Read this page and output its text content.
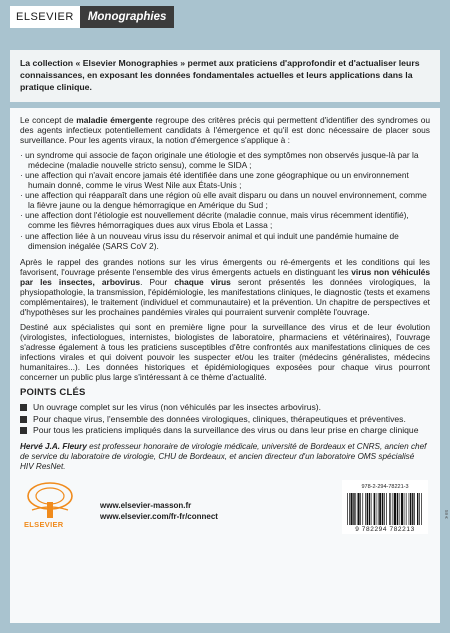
ELSEVIER	Monographies
La collection « Elsevier Monographies » permet aux praticiens d'approfondir et d'actualiser leurs connaissances, en exposant les données fondamentales actuelles et leurs applications dans la pratique clinique.

Le concept de maladie émergente regroupe des critères précis qui permettent d'identifier des syndromes ou des agents infectieux potentiellement candidats à l'émergence et qu'il est donc nécessaire de placer sous surveillance. Pour les agents viraux, la notion d'émergence s'applique à :

· un syndrome qui associe de façon originale une étiologie et des symptômes non observés jusque-là par la médecine (maladie nouvelle stricto sensu), comme le SIDA ;
· une affection qui n'avait encore jamais été identifiée dans une zone géographique ou un environnement humain donné, comme le virus West Nile aux États-Unis ;
· une affection qui réapparaît dans une région où elle avait disparu ou dans un nouvel environnement, comme la fièvre jaune ou la dengue hémorragique en Amérique du Sud ;
· une affection dont l'étiologie est nouvellement décrite (maladie connue, mais virus récemment identifié), comme les fièvres hémorragiques dues aux virus Ebola et Lassa ;
· une affection liée à un nouveau virus issu du réservoir animal et qui induit une pandémie humaine de dimension inégalée (SARS CoV 2).

Après le rappel des grandes notions sur les virus émergents ou ré-émergents et les conditions qui les favorisent, l'ouvrage présente l'ensemble des virus émergents actuels en distinguant les virus non véhiculés par les insectes, arbovirus. Pour chaque virus seront présentés les données virologiques, la physiopathologie, la transmission, l'épidémiologie, les manifestations cliniques, le diagnostic (tests et examens complémentaires), le traitement (individuel et communautaire) et la prévention. Un chapitre de perspectives et d'hypothèses sur les prochaines pandémies virales qui pourraient survenir complète l'ouvrage.

Destiné aux spécialistes qui sont en première ligne pour la surveillance des virus et de leur évolution (virologistes, infectiologues, internistes, biologistes de laboratoire, pharmaciens et vétérinaires), l'ouvrage s'adresse également à tous les praticiens susceptibles d'être confrontés aux manifestations cliniques de ces infections virales et qui doivent pouvoir les suspecter et/ou les traiter (médecins généralistes, médecins humanitaires...). Les données historiques et épidémiologiques exposées pour chaque virus pourront concerner un public plus large s'intéressant à ce thème d'actualité.

POINTS CLÉS
Un ouvrage complet sur les virus (non véhiculés par les insectes arbovirus).
Pour chaque virus, l'ensemble des données virologiques, cliniques, thérapeutiques et préventives.
Pour tous les praticiens impliqués dans la surveillance des virus ou dans leur prise en charge clinique

Hervé J.A. Fleury est professeur honoraire de virologie médicale, université de Bordeaux et CNRS, ancien chef de service du laboratoire de virologie, CHU de Bordeaux, et ancien directeur d'un laboratoire OMS spécialisé HIV ResNet.

ELSEVIER
www.elsevier-masson.fr
www.elsevier.com/fr-fr/connect
978-2-294-78221-3
9 782294 782213
59 €
